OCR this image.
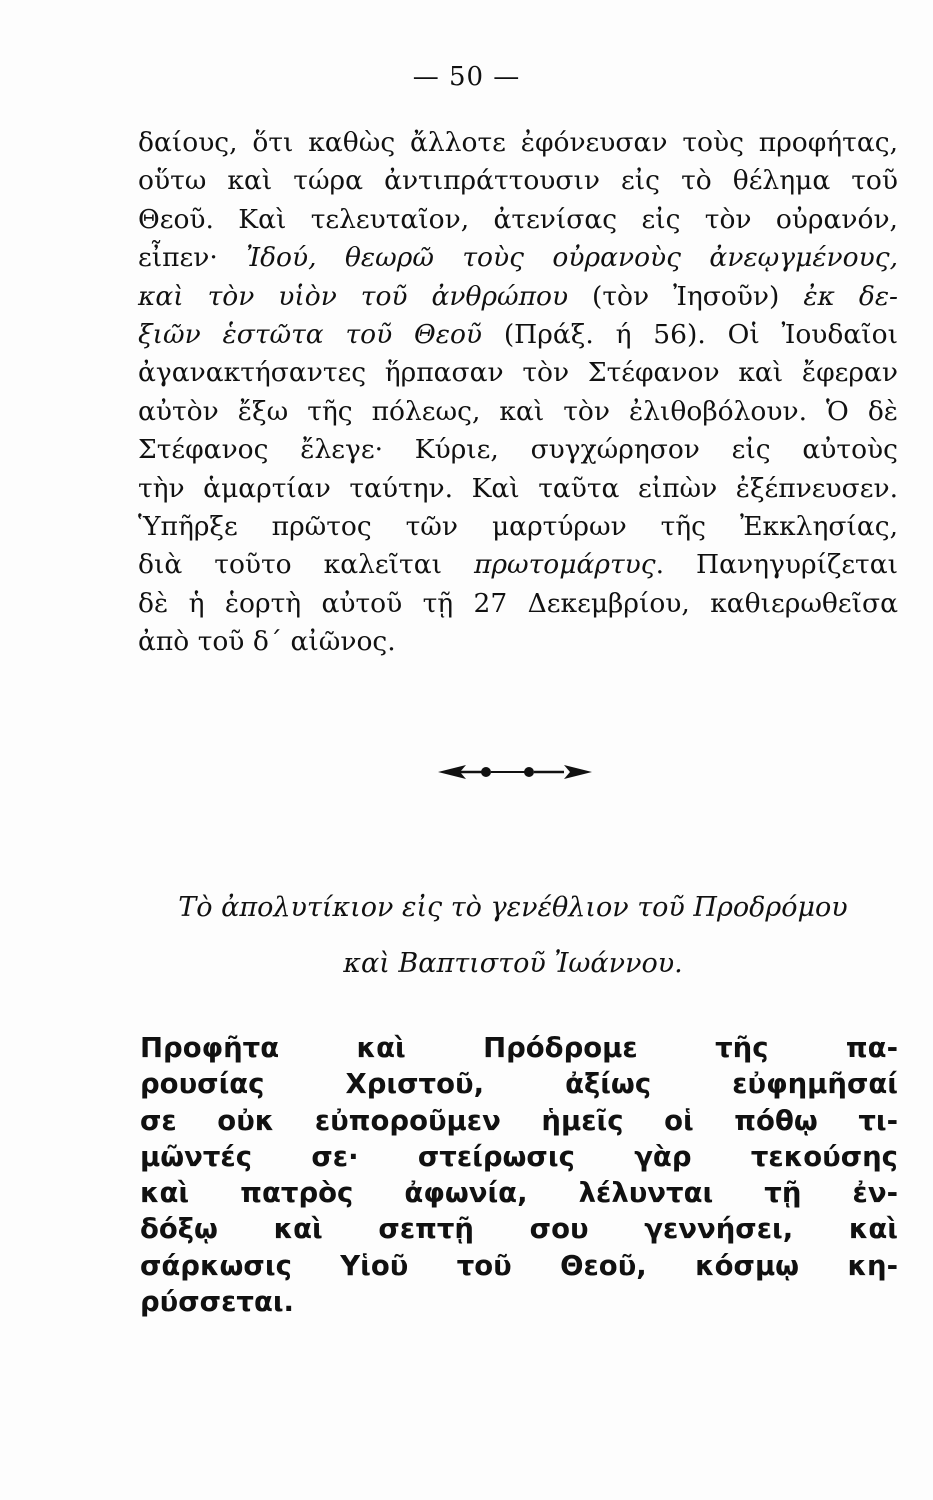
— 50 —
δαίους, ὅτι καθὼς ἄλλοτε ἐφόνευσαν τοὺς προφήτας,
οὕτω καὶ τώρα ἀντιπράττουσιν εἰς τὸ θέλημα τοῦ
Θεοῦ. Καὶ τελευταῖον, ἀτενίσας εἰς τὸν οὐρανόν,
εἶπεν· Ἰδού, θεωρῶ τοὺς οὐρανοὺς ἀνεῳγμένους,
καὶ τὸν υἱὸν τοῦ ἀνθρώπου (τὸν Ἰησοῦν) ἐκ δε-
ξιῶν ἑστῶτα τοῦ Θεοῦ (Πράξ. ή 56). Οἱ Ἰουδαῖοι
ἀγανακτήσαντες ἥρπασαν τὸν Στέφανον καὶ ἔφεραν
αὐτὸν ἔξω τῆς πόλεως, καὶ τὸν ἐλιθοβόλουν. Ὁ δὲ
Στέφανος ἔλεγε· Κύριε, συγχώρησον εἰς αὐτοὺς
τὴν ἁμαρτίαν ταύτην. Καὶ ταῦτα εἰπὼν ἐξέπνευσεν.
Ὑπῆρξε πρῶτος τῶν μαρτύρων τῆς Ἐκκλησίας,
διὰ τοῦτο καλεῖται πρωτομάρτυς. Πανηγυρίζεται
δὲ ἡ ἑορτὴ αὐτοῦ τῇ 27 Δεκεμβρίου, καθιερωθεῖσα
ἀπὸ τοῦ δ΄ αἰῶνος.
Τὸ ἀπολυτίκιον εἰς τὸ γενέθλιον τοῦ Προδρόμου
καὶ Βαπτιστοῦ Ἰωάννου.
Προφῆτα καὶ Πρόδρομε τῆς πα-
ρουσίας Χριστοῦ, ἀξίως εὐφημῆσαί
σε οὐκ εὐποροῦμεν ἡμεῖς οἱ πόθῳ τι-
μῶντές σε· στείρωσις γὰρ τεκούσης
καὶ πατρὸς ἀφωνία, λέλυνται τῇ ἐν-
δόξῳ καὶ σεπτῇ σου γεννήσει, καὶ
σάρκωσις Υἱοῦ τοῦ Θεοῦ, κόσμῳ κη-
ρύσσεται.
